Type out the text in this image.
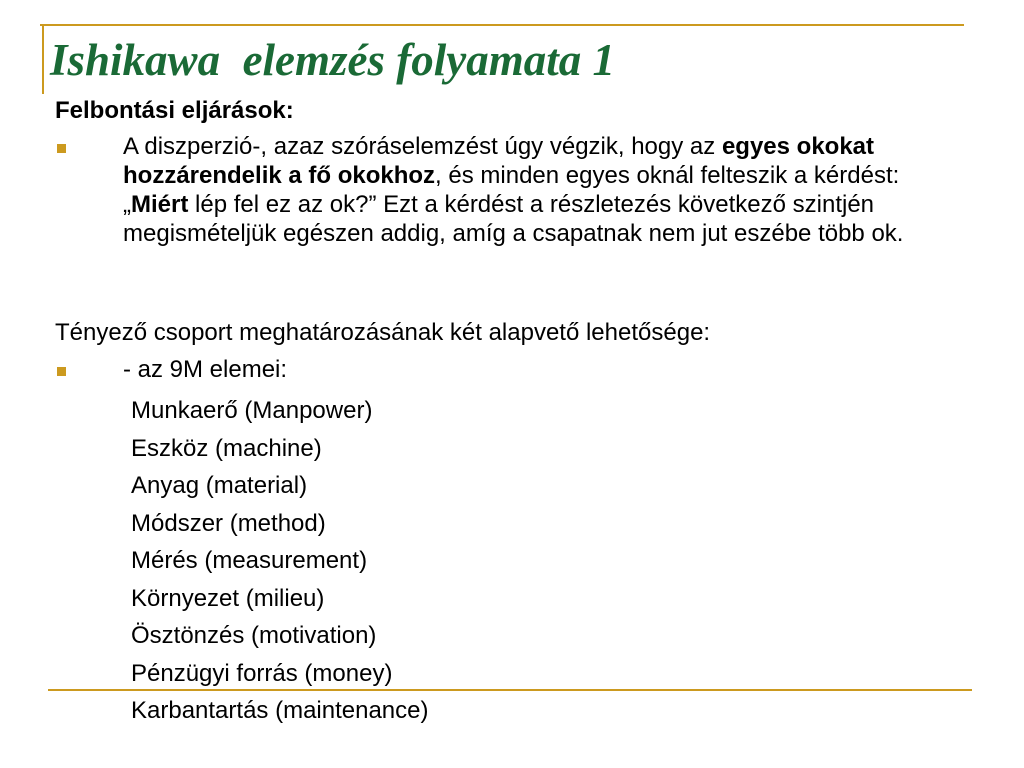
Ishikawa  elemzés folyamata 1

Felbontási eljárások:

A diszperzió-, azaz szóráselemzést úgy végzik, hogy az egyes okokat hozzárendelik a fő okokhoz, és minden egyes oknál felteszik a kérdést: „Miért lép fel ez az ok?” Ezt a kérdést a részletezés következő szintjén megismételjük egészen addig, amíg a csapatnak nem jut eszébe több ok.

Tényező csoport meghatározásának két alapvető lehetősége:

- az 9M elemei:

Munkaerő (Manpower)
Eszköz (machine)
Anyag (material)
Módszer (method)
Mérés (measurement)
Környezet (milieu)
Ösztönzés (motivation)
Pénzügyi forrás (money)
Karbantartás (maintenance)
